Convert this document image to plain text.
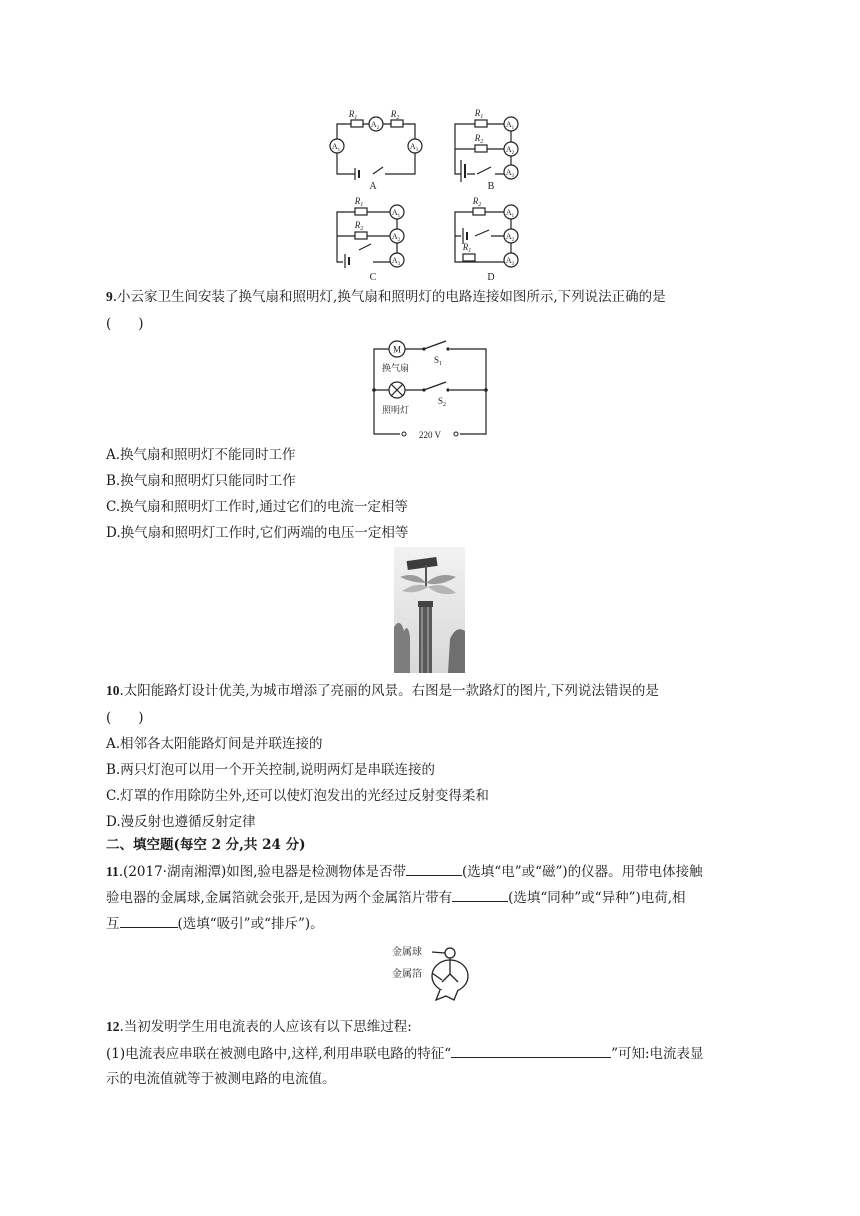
$R_1$	$R_2$	$R_1$
$R_2$
$R_1$
$R_2$
$R_2$
$R_1$
$A_2$
$A_1$	$A_3$
$A_1$
$A_2$
$A_3$
$A_1$
$A_2$
$A_3$
$A_1$
$A_2$
$A_3$
A	B
C	D
9.小云家卫生间安装了换气扇和照明灯,换气扇和照明灯的电路连接如图所示,下列说法正确的是
(　　)
M
换气扇
照明灯
$S_1$
$S_2$
220 V
A.换气扇和照明灯不能同时工作
B.换气扇和照明灯只能同时工作
C.换气扇和照明灯工作时,通过它们的电流一定相等
D.换气扇和照明灯工作时,它们两端的电压一定相等
10.太阳能路灯设计优美,为城市增添了亮丽的风景。右图是一款路灯的图片,下列说法错误的是
(　　)
A.相邻各太阳能路灯间是并联连接的
B.两只灯泡可以用一个开关控制,说明两灯是串联连接的
C.灯罩的作用除防尘外,还可以使灯泡发出的光经过反射变得柔和
D.漫反射也遵循反射定律
二、填空题(每空 2 分,共 24 分)
11.(2017·湖南湘潭)如图,验电器是检测物体是否带	(选填“电”或“磁”)的仪器。用带电体接触
验电器的金属球,金属箔就会张开,是因为两个金属箔片带有	(选填“同种”或“异种”)电荷,相
互	(选填“吸引”或“排斥”)。
金属球
金属箔
12.当初发明学生用电流表的人应该有以下思维过程:
(1)电流表应串联在被测电路中,这样,利用串联电路的特征“	”可知:电流表显
示的电流值就等于被测电路的电流值。
